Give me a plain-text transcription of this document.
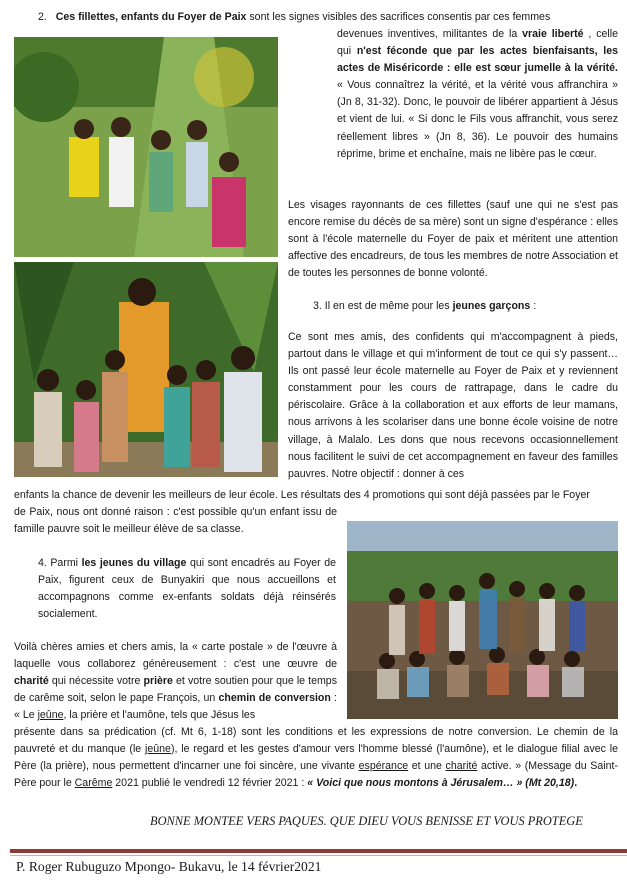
2. Ces fillettes, enfants du Foyer de Paix sont les signes visibles des sacrifices consentis par ces femmes

devenues inventives, militantes de la vraie liberté , celle qui n'est féconde que par les actes bienfaisants, les actes de Miséricorde : elle est sœur jumelle à la vérité. « Vous connaîtrez la vérité, et la vérité vous affranchira » (Jn 8, 31-32). Donc, le pouvoir de libérer appartient à Jésus et vient de lui. « Si donc le Fils vous affranchit, vous serez réellement libres » (Jn 8, 36). Le pouvoir des humains réprime, brime et enchaîne, mais ne libère pas le cœur.

Les visages rayonnants de ces fillettes (sauf une qui ne s'est pas encore remise du décès de sa mère) sont un signe d'espérance : elles sont à l'école maternelle du Foyer de paix et méritent une attention affective des encadreurs, de tous les membres de notre Association et de toutes les personnes de bonne volonté.

3. Il en est de même pour les jeunes garçons :

Ce sont mes amis, des confidents qui m'accompagnent à pieds, partout dans le village et qui m'informent de tout ce qui s'y passent… Ils ont passé leur école maternelle au Foyer de Paix et y reviennent constamment pour les cours de rattrapage, dans le cadre du périscolaire. Grâce à la collaboration et aux efforts de leur mamans, nous arrivons à les scolariser dans une bonne école voisine de notre village, à Malalo. Les dons que nous recevons occasionnellement nous facilitent le suivi de cet accompagnement en faveur des familles pauvres. Notre objectif : donner à ces

enfants la chance de devenir les meilleurs de leur école. Les résultats des 4 promotions qui sont déjà passées par le Foyer

de Paix, nous ont donné raison : c'est possible qu'un enfant issu de famille pauvre soit le meilleur élève de sa classe.

4. Parmi les jeunes du village qui sont encadrés au Foyer de Paix, figurent ceux de Bunyakiri que nous accueillons et accompagnons comme ex-enfants soldats déjà réinsérés socialement.

Voilà chères amies et chers amis, la « carte postale » de l'œuvre à laquelle vous collaborez généreusement : c'est une œuvre de charité qui nécessite votre prière et votre soutien pour que le temps de carême soit, selon le pape François, un chemin de conversion : « Le jeûne, la prière et l'aumône, tels que Jésus les

présente dans sa prédication (cf. Mt 6, 1-18) sont les conditions et les expressions de notre conversion. Le chemin de la pauvreté et du manque (le jeûne), le regard et les gestes d'amour vers l'homme blessé (l'aumône), et le dialogue filial avec le Père (la prière), nous permettent d'incarner une foi sincère, une vivante espérance et une charité active. » (Message du Saint-Père pour le Carême 2021 publié le vendredi 12 février 2021 : « Voici que nous montons à Jérusalem… » (Mt 20,18).

BONNE MONTEE VERS PAQUES. QUE DIEU VOUS BENISSE ET VOUS PROTEGE
P. Roger Rubuguzo Mpongo- Bukavu, le 14 février2021
